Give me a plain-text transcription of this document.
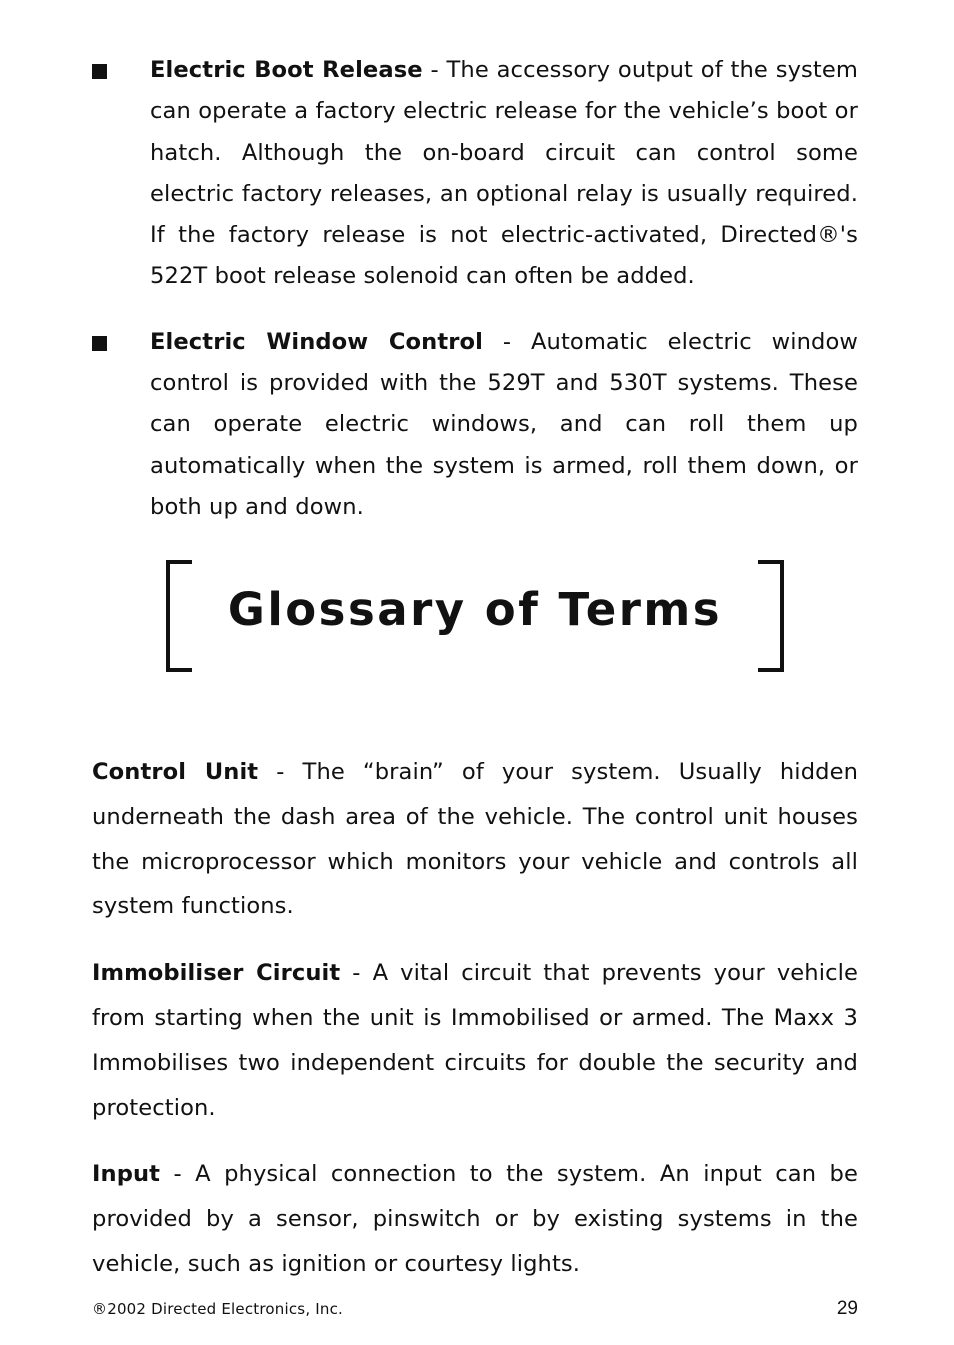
Electric Boot Release - The accessory output of the system can operate a factory electric release for the vehicle’s boot or hatch. Although the on-board circuit can control some electric factory releases, an optional relay is usually required. If the factory release is not electric-activated, Directed®'s 522T boot release solenoid can often be added.
Electric Window Control - Automatic electric window control is provided with the 529T and 530T systems. These can operate electric windows, and can roll them up automatically when the system is armed, roll them down, or both up and down.
Glossary of Terms

Control Unit - The “brain” of your system. Usually hidden underneath the dash area of the vehicle. The control unit houses the microprocessor which monitors your vehicle and controls all system functions.

Immobiliser Circuit - A vital circuit that prevents your vehicle from starting when the unit is Immobilised or armed. The Maxx 3 Immobilises two independent circuits for double the security and protection.

Input - A physical connection to the system. An input can be provided by a sensor, pinswitch or by existing systems in the vehicle, such as ignition or courtesy lights.

®2002 Directed Electronics, Inc.	29
